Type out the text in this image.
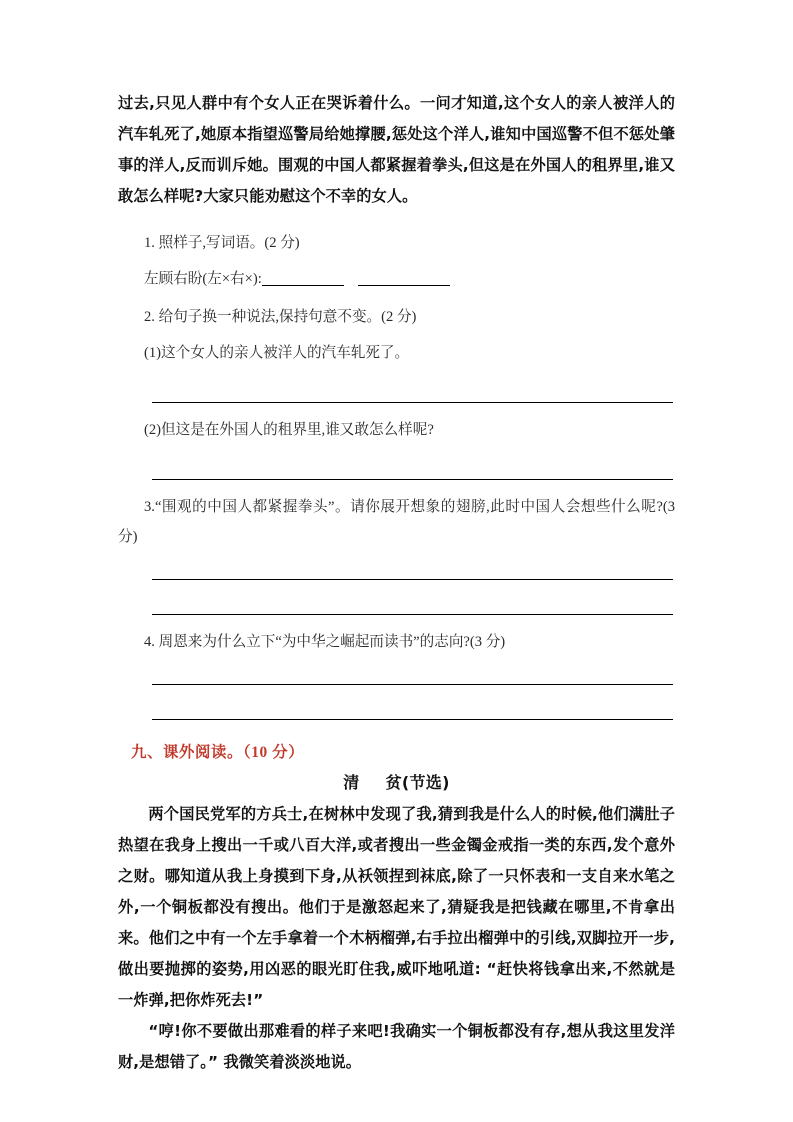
过去,只见人群中有个女人正在哭诉着什么。一问才知道,这个女人的亲人被洋人的汽车轧死了,她原本指望巡警局给她撑腰,惩处这个洋人,谁知中国巡警不但不惩处肇事的洋人,反而训斥她。围观的中国人都紧握着拳头,但这是在外国人的租界里,谁又敢怎么样呢?大家只能劝慰这个不幸的女人。

1. 照样子,写词语。(2 分)

左顾右盼(左×右×):

2. 给句子换一种说法,保持句意不变。(2 分)

(1)这个女人的亲人被洋人的汽车轧死了。

(2)但这是在外国人的租界里,谁又敢怎么样呢?

3.“围观的中国人都紧握拳头”。请你展开想象的翅膀,此时中国人会想些什么呢?(3 分)

4. 周恩来为什么立下“为中华之崛起而读书”的志向?(3 分)

九、课外阅读。（10 分）

清 贫(节选)

两个国民党军的方兵士,在树林中发现了我,猜到我是什么人的时候,他们满肚子热望在我身上搜出一千或八百大洋,或者搜出一些金镯金戒指一类的东西,发个意外之财。哪知道从我上身摸到下身,从袄领捏到袜底,除了一只怀表和一支自来水笔之外,一个铜板都没有搜出。他们于是激怒起来了,猜疑我是把钱藏在哪里,不肯拿出来。他们之中有一个左手拿着一个木柄榴弹,右手拉出榴弹中的引线,双脚拉开一步,做出要抛掷的姿势,用凶恶的眼光盯住我,威吓地吼道: “赶快将钱拿出来,不然就是一炸弹,把你炸死去!”

“哼!你不要做出那难看的样子来吧!我确实一个铜板都没有存,想从我这里发洋财,是想错了。” 我微笑着淡淡地说。
